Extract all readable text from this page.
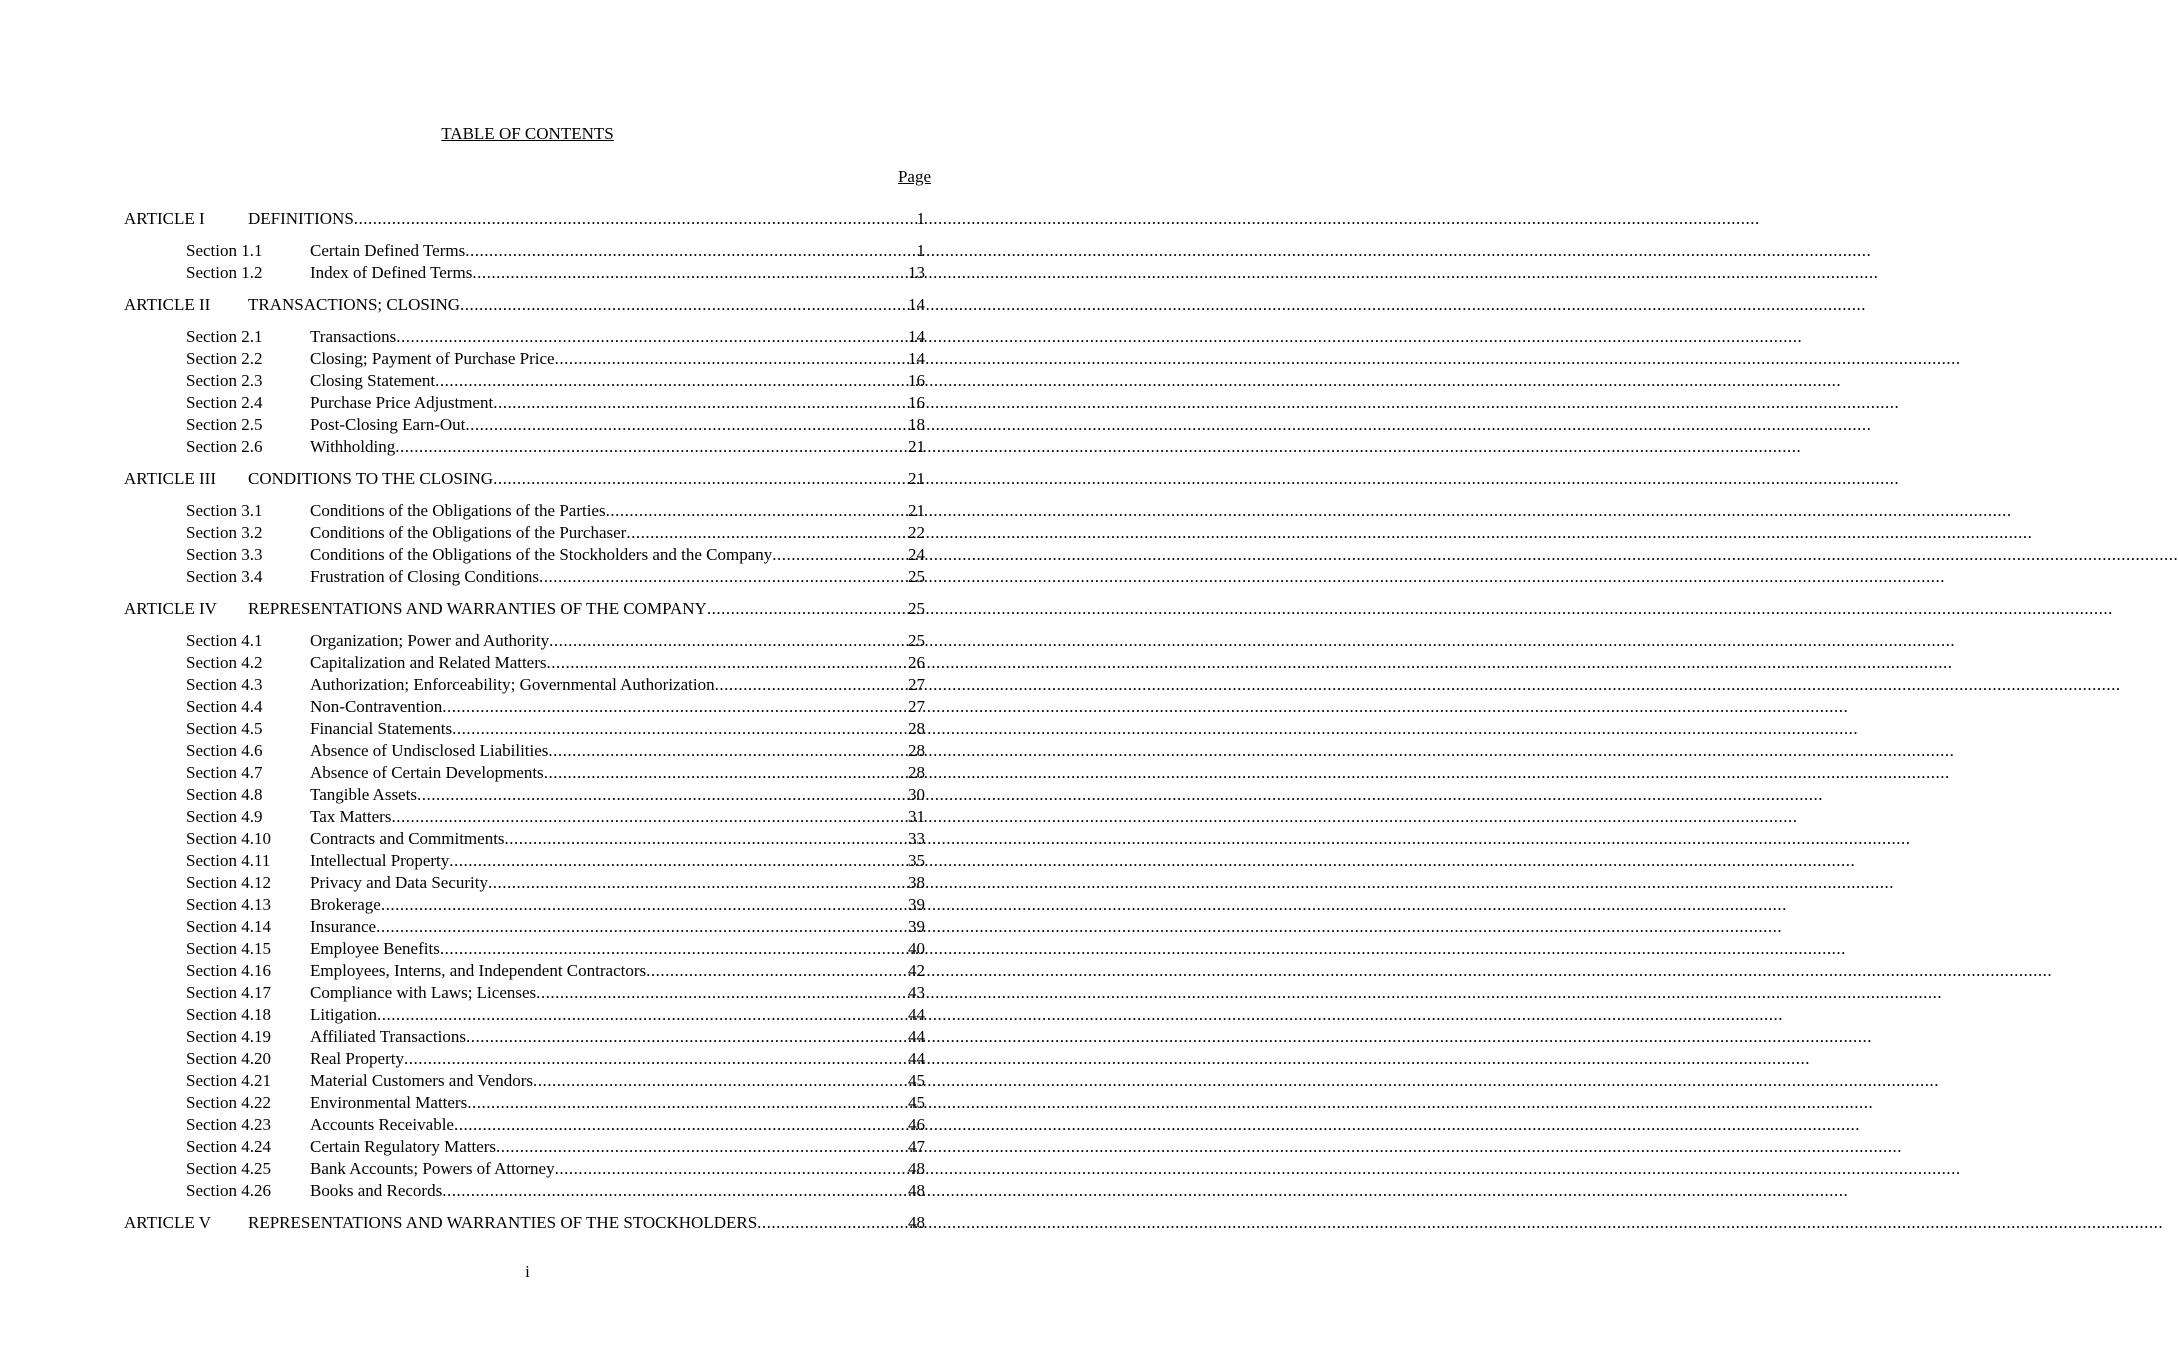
TABLE OF CONTENTS
Page
ARTICLE I	DEFINITIONS .....	1
Section 1.1	Certain Defined Terms .....	1
Section 1.2	Index of Defined Terms .....	13
ARTICLE II	TRANSACTIONS; CLOSING .....	14
Section 2.1	Transactions .....	14
Section 2.2	Closing; Payment of Purchase Price .....	14
Section 2.3	Closing Statement .....	16
Section 2.4	Purchase Price Adjustment .....	16
Section 2.5	Post-Closing Earn-Out .....	18
Section 2.6	Withholding .....	21
ARTICLE III	CONDITIONS TO THE CLOSING .....	21
Section 3.1	Conditions of the Obligations of the Parties .....	21
Section 3.2	Conditions of the Obligations of the Purchaser .....	22
Section 3.3	Conditions of the Obligations of the Stockholders and the Company .....	24
Section 3.4	Frustration of Closing Conditions .....	25
ARTICLE IV	REPRESENTATIONS AND WARRANTIES OF THE COMPANY .....	25
Section 4.1	Organization; Power and Authority .....	25
Section 4.2	Capitalization and Related Matters .....	26
Section 4.3	Authorization; Enforceability; Governmental Authorization .....	27
Section 4.4	Non-Contravention .....	27
Section 4.5	Financial Statements .....	28
Section 4.6	Absence of Undisclosed Liabilities .....	28
Section 4.7	Absence of Certain Developments .....	28
Section 4.8	Tangible Assets .....	30
Section 4.9	Tax Matters .....	31
Section 4.10	Contracts and Commitments .....	33
Section 4.11	Intellectual Property .....	35
Section 4.12	Privacy and Data Security .....	38
Section 4.13	Brokerage .....	39
Section 4.14	Insurance .....	39
Section 4.15	Employee Benefits .....	40
Section 4.16	Employees, Interns, and Independent Contractors .....	42
Section 4.17	Compliance with Laws; Licenses .....	43
Section 4.18	Litigation .....	44
Section 4.19	Affiliated Transactions .....	44
Section 4.20	Real Property .....	44
Section 4.21	Material Customers and Vendors .....	45
Section 4.22	Environmental Matters .....	45
Section 4.23	Accounts Receivable .....	46
Section 4.24	Certain Regulatory Matters .....	47
Section 4.25	Bank Accounts; Powers of Attorney .....	48
Section 4.26	Books and Records .....	48
ARTICLE V	REPRESENTATIONS AND WARRANTIES OF THE STOCKHOLDERS .....	48
i
